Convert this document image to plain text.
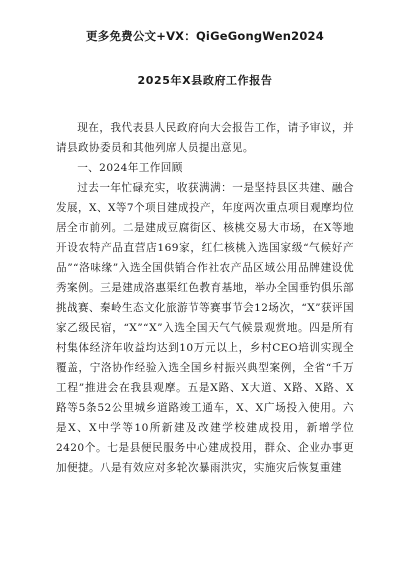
更多免费公文+VX：QiGeGongWen2024
2025年X县政府工作报告

现在，我代表县人民政府向大会报告工作，请予审议，并请县政协委员和其他列席人员提出意见。

一、2024年工作回顾

过去一年忙碌充实，收获满满：一是坚持县区共建、融合发展，X、X等7个项目建成投产，年度两次重点项目观摩均位居全市前列。二是建成豆腐街区、核桃交易大市场，在X等地开设农特产品直营店169家，红仁核桃入选国家级“气候好产品”“洛味缘”入选全国供销合作社农产品区域公用品牌建设优秀案例。三是建成洛惠渠红色教育基地，举办全国垂钓俱乐部挑战赛、秦岭生态文化旅游节等赛事节会12场次，“X”获评国家乙级民宿，“X”“X”入选全国天气气候景观赏地。四是所有村集体经济年收益均达到10万元以上，乡村CEO培训实现全覆盖，宁洛协作经验入选全国乡村振兴典型案例，全省“千万工程”推进会在我县观摩。五是X路、X大道、X路、X路、X路等5条52公里城乡道路竣工通车，X、X广场投入使用。六是X、X中学等10所新建及改建学校建成投用，新增学位2420个。七是县便民服务中心建成投用，群众、企业办事更加便捷。八是有效应对多轮次暴雨洪灾，实施灾后恢复重建
